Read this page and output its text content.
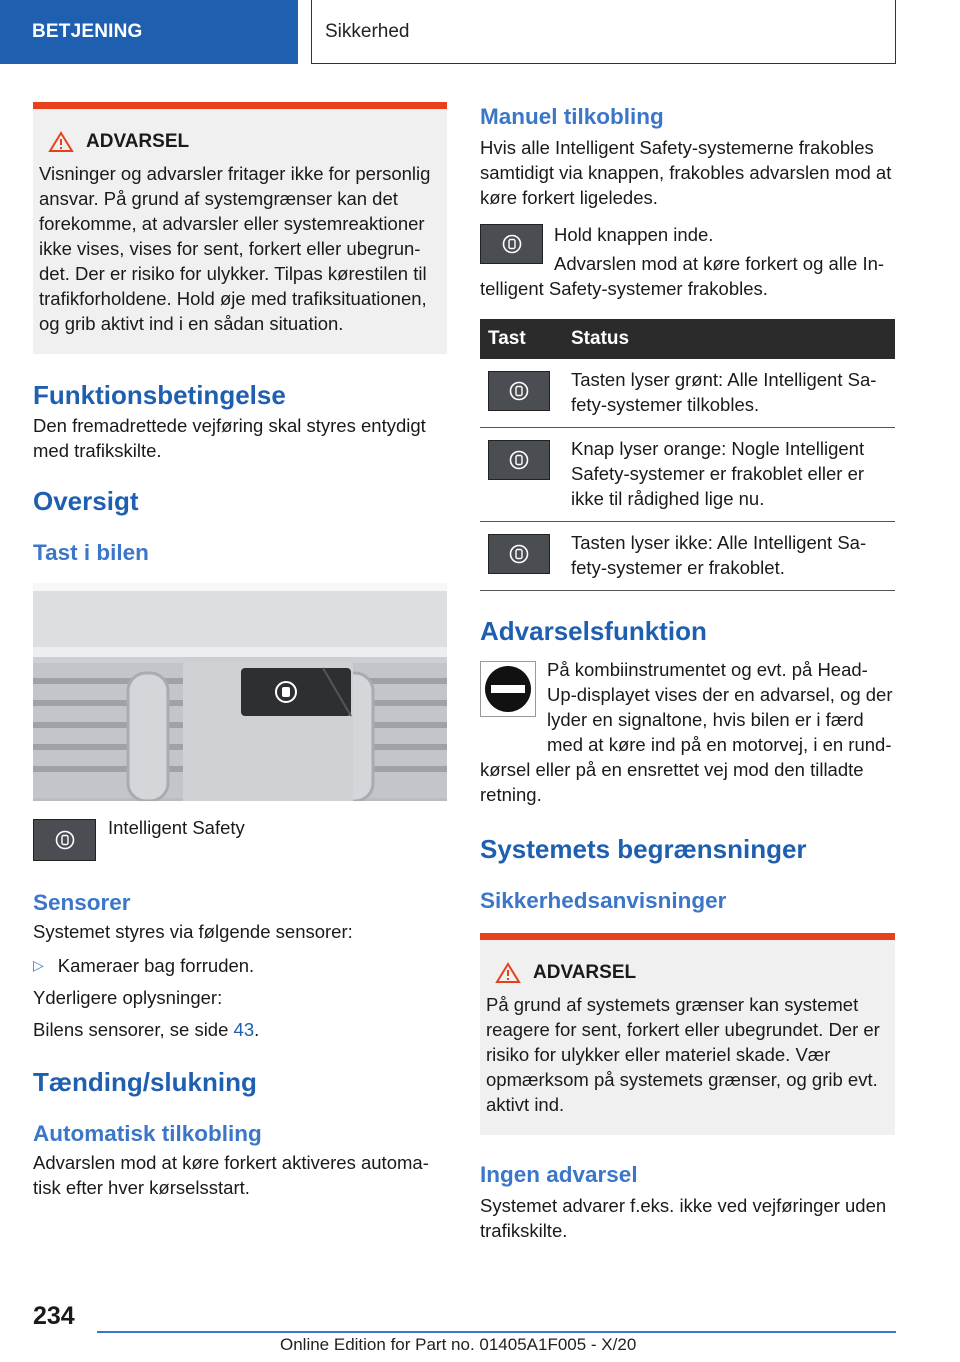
BETJENING	Sikkerhed
ADVARSEL

Visninger og advarsler fritager ikke for personlig ansvar. På grund af systemgrænser kan det forekomme, at advarsler eller systemreaktioner ikke vises, vises for sent, forkert eller ubegrundet. Der er risiko for ulykker. Tilpas kørestilen til trafikforholdene. Hold øje med trafiksituationen, og grib aktivt ind i en sådan situation.

Funktionsbetingelse

Den fremadrettede vejføring skal styres entydigt med trafikskilte.

Oversigt
Tast i bilen
Intelligent Safety
Sensorer

Systemet styres via følgende sensorer:

▷ Kameraer bag forruden.

Yderligere oplysninger:

Bilens sensorer, se side 43.

Tænding/slukning
Automatisk tilkobling

Advarslen mod at køre forkert aktiveres automatisk efter hver kørselsstart.

Manuel tilkobling

Hvis alle Intelligent Safety-systemerne frakobles samtidigt via knappen, frakobles advarslen mod at køre forkert ligeledes.

Hold knappen inde.

Advarslen mod at køre forkert og alle Intelligent Safety-systemer frakobles.

Tast	Status

	Tasten lyser grønt: Alle Intelligent Safety-systemer tilkobles.

	Knap lyser orange: Nogle Intelligent Safety-systemer er frakoblet eller er ikke til rådighed lige nu.

	Tasten lyser ikke: Alle Intelligent Safety-systemer er frakoblet.
Advarselsfunktion

På kombiinstrumentet og evt. på Head-Up-displayet vises der en advarsel, og der lyder en signaltone, hvis bilen er i færd med at køre ind på en motorvej, i en rundkørsel eller på en ensrettet vej mod den tilladte retning.

Systemets begrænsninger
Sikkerhedsanvisninger
ADVARSEL

På grund af systemets grænser kan systemet reagere for sent, forkert eller ubegrundet. Der er risiko for ulykker eller materiel skade. Vær opmærksom på systemets grænser, og grib evt. aktivt ind.

Ingen advarsel

Systemet advarer f.eks. ikke ved vejføringer uden trafikskilte.

234
Online Edition for Part no. 01405A1F005 - X/20
